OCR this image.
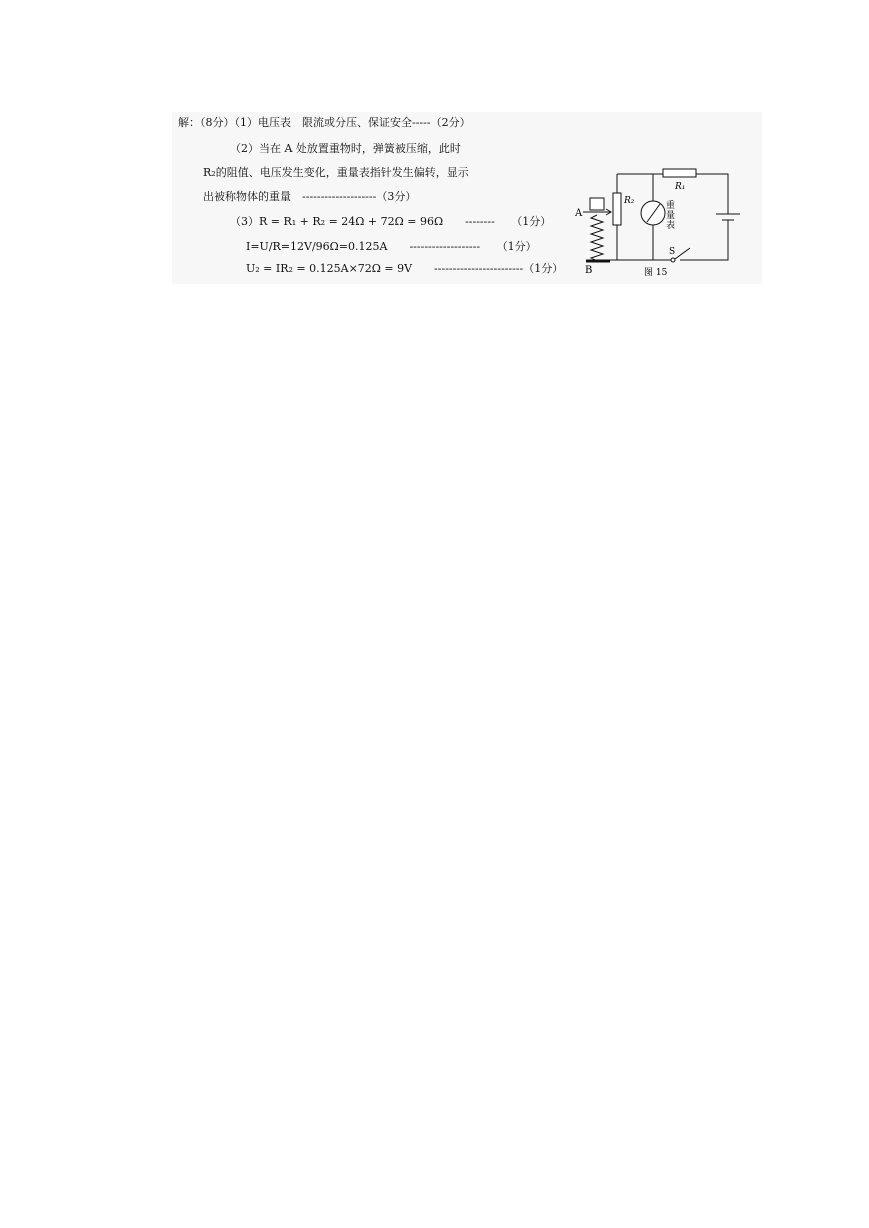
解：（8分）（1）电压表　限流或分压、保证安全-----（2分）
（2）当在 A 处放置重物时，弹簧被压缩，此时
R₂的阻值、电压发生变化，重量表指针发生偏转，显示
出被称物体的重量　--------------------（3分）
（3）R = R₁ + R₂ = 24Ω + 72Ω = 96Ω　　--------　　（1分）
I=U/R=12V/96Ω=0.125A　　-------------------　　（1分）
U₂ = IR₂ = 0.125A×72Ω = 9V　　------------------------（1分）
A
B
R₁
R₂
S
重
量
表
图 15
